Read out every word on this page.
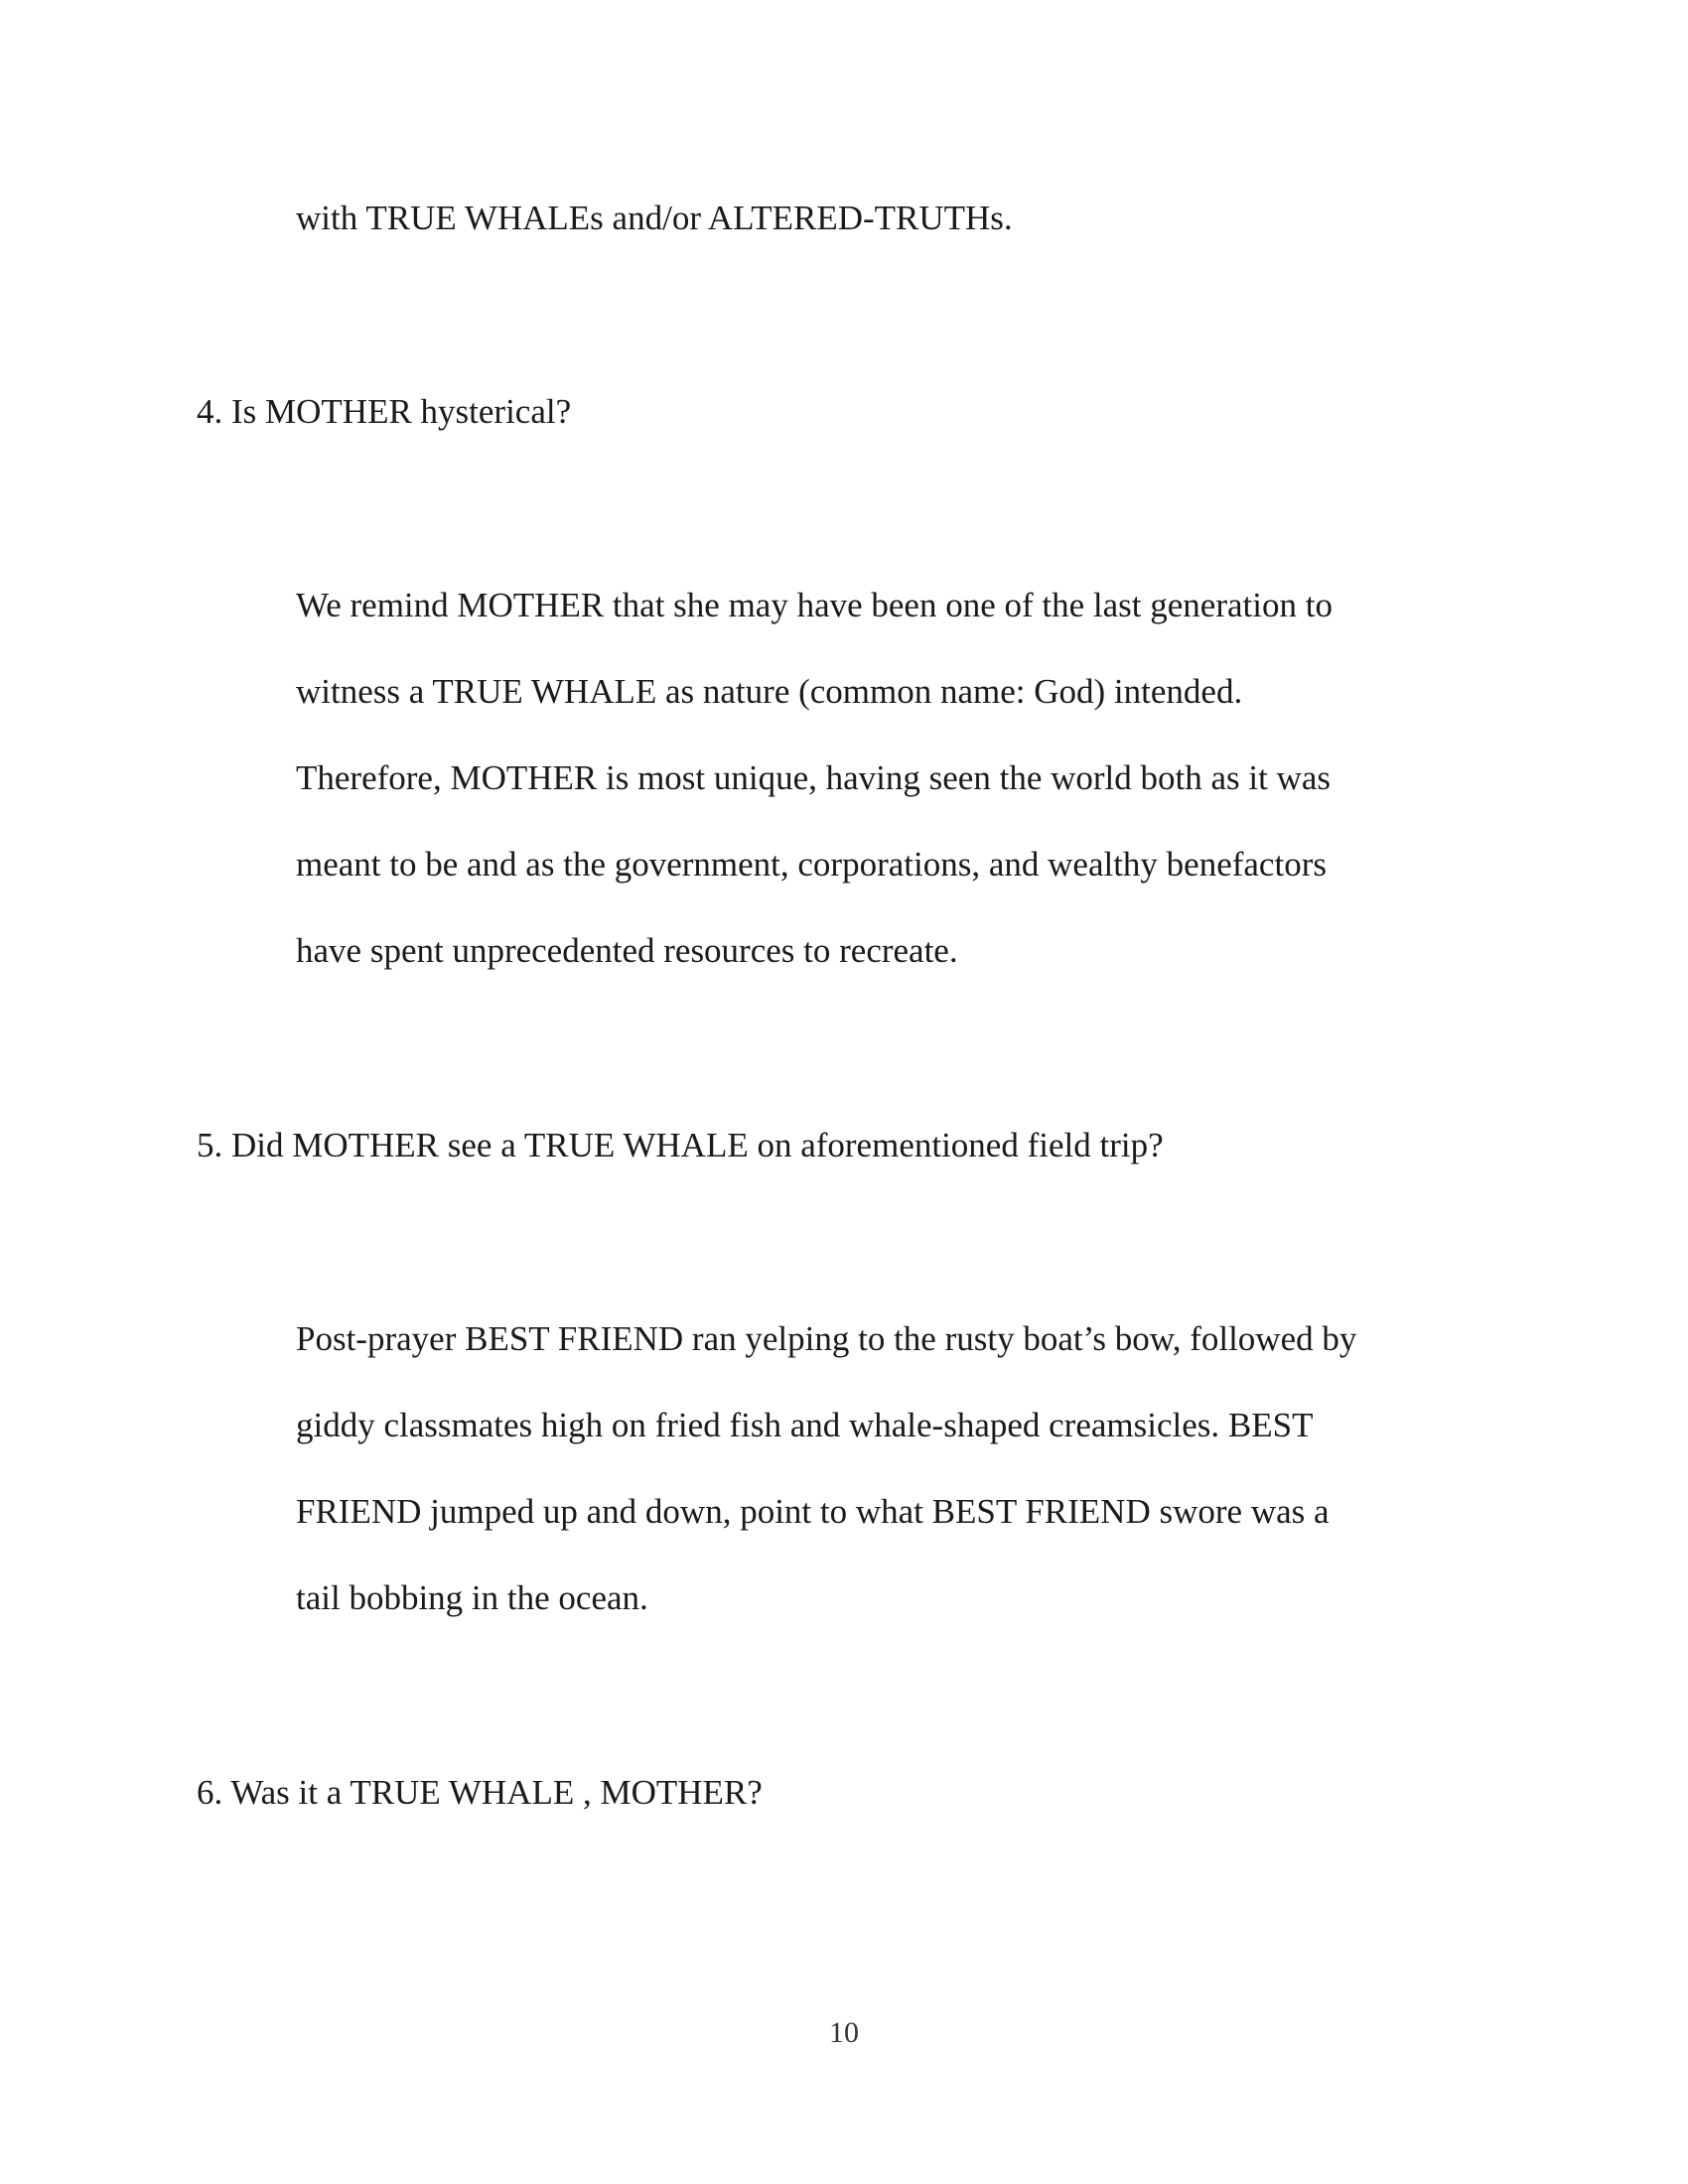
with TRUE WHALEs and/or ALTERED-TRUTHs.

4. Is MOTHER hysterical?

We remind MOTHER that she may have been one of the last generation to

witness a TRUE WHALE as nature (common name: God) intended.

Therefore, MOTHER is most unique, having seen the world both as it was

meant to be and as the government, corporations, and wealthy benefactors

have spent unprecedented resources to recreate.

5. Did MOTHER see a TRUE WHALE on aforementioned field trip?

Post-prayer BEST FRIEND ran yelping to the rusty boat’s bow, followed by

giddy classmates high on fried fish and whale-shaped creamsicles. BEST

FRIEND jumped up and down, point to what BEST FRIEND swore was a

tail bobbing in the ocean.

6. Was it a TRUE WHALE , MOTHER?

10
